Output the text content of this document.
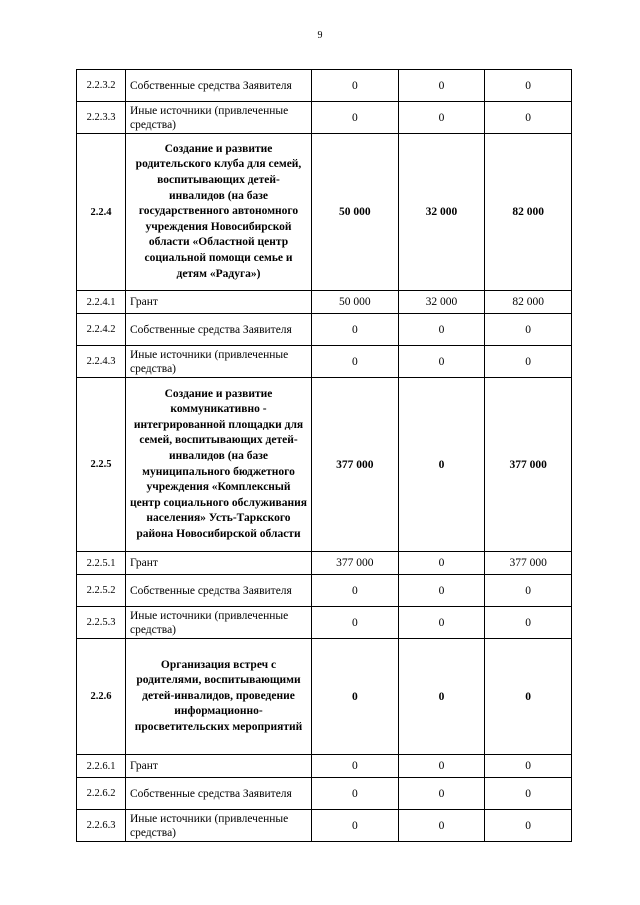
9
2.2.3.2	Собственные средства Заявителя	0	0	0
2.2.3.3	Иные источники (привлеченные средства)	0	0	0
2.2.4	Создание и развитие родительского клуба для семей, воспитывающих детей-инвалидов (на базе государственного автономного учреждения Новосибирской области «Областной центр социальной помощи семье и детям «Радуга»)	50 000	32 000	82 000
2.2.4.1	Грант	50 000	32 000	82 000
2.2.4.2	Собственные средства Заявителя	0	0	0
2.2.4.3	Иные источники (привлеченные средства)	0	0	0
2.2.5	Создание и развитие коммуникативно - интегрированной площадки для семей, воспитывающих детей-инвалидов (на базе муниципального бюджетного учреждения «Комплексный центр социального обслуживания населения» Усть-Таркского района Новосибирской области	377 000	0	377 000
2.2.5.1	Грант	377 000	0	377 000
2.2.5.2	Собственные средства Заявителя	0	0	0
2.2.5.3	Иные источники (привлеченные средства)	0	0	0
2.2.6	Организация встреч с родителями, воспитывающими детей-инвалидов, проведение информационно-просветительских мероприятий	0	0	0
2.2.6.1	Грант	0	0	0
2.2.6.2	Собственные средства Заявителя	0	0	0
2.2.6.3	Иные источники (привлеченные средства)	0	0	0
